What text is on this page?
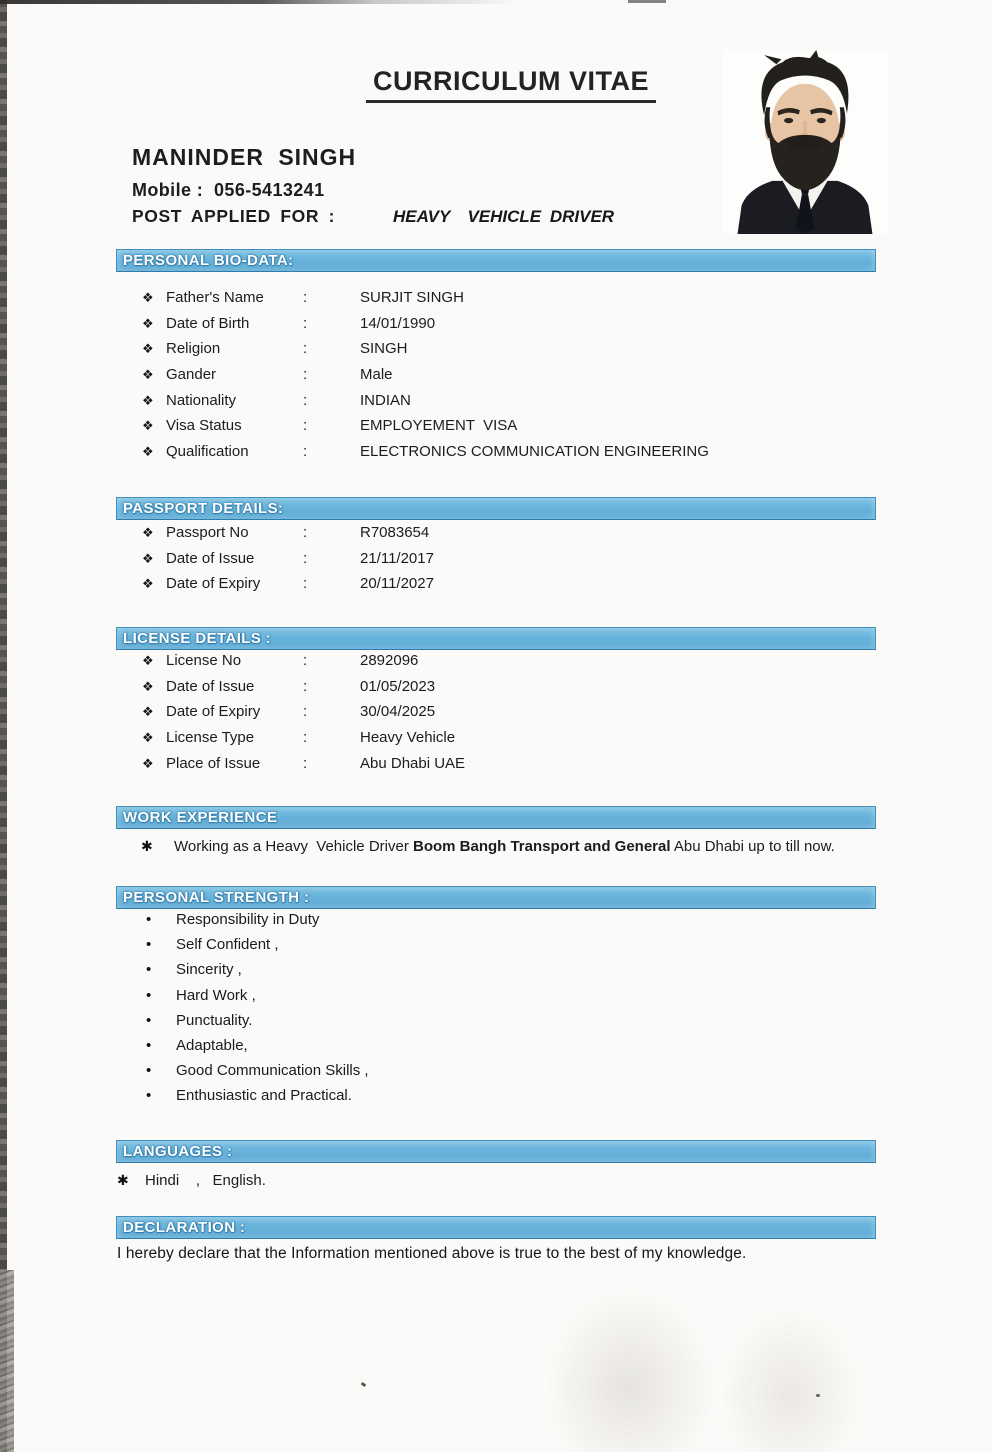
CURRICULUM VITAE
MANINDER SINGH
Mobile :  056-5413241
POST APPLIED FOR :	HEAVY  VEHICLE DRIVER
PERSONAL BIO-DATA:
PASSPORT DETAILS:
LICENSE DETAILS :
WORK EXPERIENCE
PERSONAL STRENGTH :
LANGUAGES :
DECLARATION :
❖ Father's Name	:	SURJIT SINGH
❖ Date of Birth	:	14/01/1990
❖ Religion	:	SINGH
❖ Gander	:	Male
❖ Nationality	:	INDIAN
❖ Visa Status	:	EMPLOYEMENT  VISA
❖ Qualification	:	ELECTRONICS COMMUNICATION ENGINEERING
❖ Passport No	:	R7083654
❖ Date of Issue	:	21/11/2017
❖ Date of Expiry	:	20/11/2027
❖ License No	:	2892096
❖ Date of Issue	:	01/05/2023
❖ Date of Expiry	:	30/04/2025
❖ License Type	:	Heavy Vehicle
❖ Place of Issue	:	Abu Dhabi UAE
✱	Working as a Heavy  Vehicle Driver Boom Bangh Transport and General Abu Dhabi up to till now.
•	Responsibility in Duty
•	Self Confident ,
•	Sincerity ,
•	Hard Work ,
•	Punctuality.
•	Adaptable,
•	Good Communication Skills ,
•	Enthusiastic and Practical.
✱	Hindi    ,   English.
I hereby declare that the Information mentioned above is true to the best of my knowledge.
